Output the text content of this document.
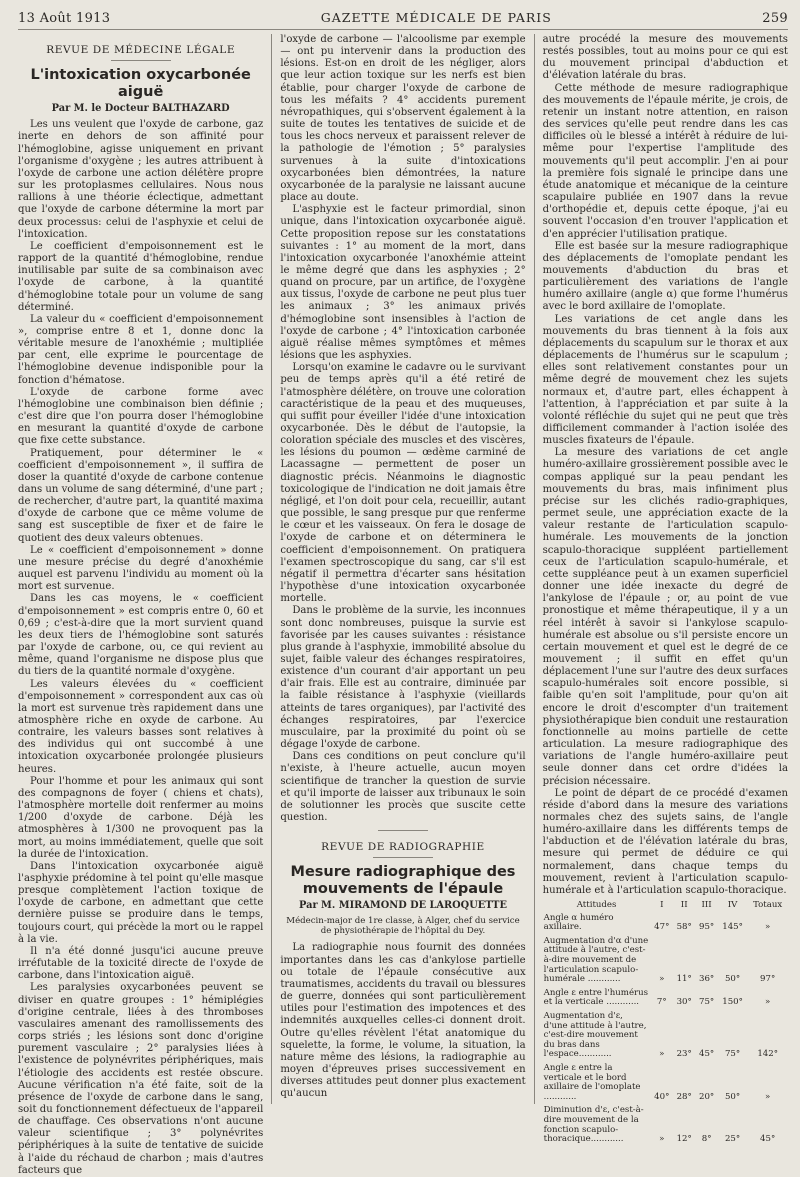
13 Août 1913	GAZETTE MÉDICALE DE PARIS	259
REVUE DE MÉDECINE LÉGALE
L'intoxication oxycarbonée aiguë
Par M. le Docteur BALTHAZARD

Les uns veulent que l'oxyde de carbone, gaz inerte en dehors de son affinité pour l'hémoglobine, agisse uniquement en privant l'organisme d'oxygène ; les autres attribuent à l'oxyde de carbone une action délétère propre sur les protoplasmes cellulaires. Nous nous rallions à une théorie éclectique, admettant que l'oxyde de carbone détermine la mort par deux processus: celui de l'asphyxie et celui de l'intoxication.

Le coefficient d'empoisonnement est le rapport de la quantité d'hémoglobine, rendue inutilisable par suite de sa combinaison avec l'oxyde de carbone, à la quantité d'hémoglobine totale pour un volume de sang déterminé.

La valeur du « coefficient d'empoisonnement », comprise entre 8 et 1, donne donc la véritable mesure de l'anoxhémie ; multipliée par cent, elle exprime le pourcentage de l'hémoglobine devenue indisponible pour la fonction d'hématose.

L'oxyde de carbone forme avec l'hémoglobine une combinaison bien définie ; c'est dire que l'on pourra doser l'hémoglobine en mesurant la quantité d'oxyde de carbone que fixe cette substance.

Pratiquement, pour déterminer le « coefficient d'empoisonnement », il suffira de doser la quantité d'oxyde de carbone contenue dans un volume de sang déterminé, d'une part ; de rechercher, d'autre part, la quantité maxima d'oxyde de carbone que ce même volume de sang est susceptible de fixer et de faire le quotient des deux valeurs obtenues.

Le « coefficient d'empoisonnement » donne une mesure précise du degré d'anoxhémie auquel est parvenu l'individu au moment où la mort est survenue.

Dans les cas moyens, le « coefficient d'empoisonnement » est compris entre 0, 60 et 0,69 ; c'est-à-dire que la mort survient quand les deux tiers de l'hémoglobine sont saturés par l'oxyde de carbone, ou, ce qui revient au même, quand l'organisme ne dispose plus que du tiers de la quantité normale d'oxygène.

Les valeurs élevées du « coefficient d'empoisonnement » correspondent aux cas où la mort est survenue très rapidement dans une atmosphère riche en oxyde de carbone. Au contraire, les valeurs basses sont relatives à des individus qui ont succombé à une intoxication oxycarbonée prolongée plusieurs heures.

Pour l'homme et pour les animaux qui sont des compagnons de foyer ( chiens et chats), l'atmosphère mortelle doit renfermer au moins 1/200 d'oxyde de carbone. Déjà les atmosphères à 1/300 ne provoquent pas la mort, au moins immédiatement, quelle que soit la durée de l'intoxication.

Dans l'intoxication oxycarbonée aiguë l'asphyxie prédomine à tel point qu'elle masque presque complètement l'action toxique de l'oxyde de carbone, en admettant que cette dernière puisse se produire dans le temps, toujours court, qui précède la mort ou le rappel à la vie.

Il n'a été donné jusqu'ici aucune preuve irréfutable de la toxicité directe de l'oxyde de carbone, dans l'intoxication aiguë.

Les paralysies oxycarbonées peuvent se diviser en quatre groupes : 1° hémiplégies d'origine centrale, liées à des thromboses vasculaires amenant des ramollissements des corps striés ; les lésions sont donc d'origine purement vasculaire ; 2° paralysies liées à l'existence de polynévrites périphériques, mais l'étiologie des accidents est restée obscure. Aucune vérification n'a été faite, soit de la présence de l'oxyde de carbone dans le sang, soit du fonctionnement défectueux de l'appareil de chauffage. Ces observations n'ont aucune valeur scientifique ; 3° polynévrites périphériques à la suite de tentative de suicide à l'aide du réchaud de charbon ; mais d'autres facteurs que

l'oxyde de carbone — l'alcoolisme par exemple — ont pu intervenir dans la production des lésions. Est-on en droit de les négliger, alors que leur action toxique sur les nerfs est bien établie, pour charger l'oxyde de carbone de tous les méfaits ? 4° accidents purement névropathiques, qui s'observent également à la suite de toutes les tentatives de suicide et de tous les chocs nerveux et paraissent relever de la pathologie de l'émotion ; 5° paralysies survenues à la suite d'intoxications oxycarbonées bien démontrées, la nature oxycarbonée de la paralysie ne laissant aucune place au doute.

L'asphyxie est le facteur primordial, sinon unique, dans l'intoxication oxycarbonée aiguë. Cette proposition repose sur les constatations suivantes : 1° au moment de la mort, dans l'intoxication oxycarbonée l'anoxhémie atteint le même degré que dans les asphyxies ; 2° quand on procure, par un artifice, de l'oxygène aux tissus, l'oxyde de carbone ne peut plus tuer les animaux ; 3° les animaux privés d'hémoglobine sont insensibles à l'action de l'oxyde de carbone ; 4° l'intoxication carbonée aiguë réalise mêmes symptômes et mêmes lésions que les asphyxies.

Lorsqu'on examine le cadavre ou le survivant peu de temps après qu'il a été retiré de l'atmosphère délétère, on trouve une coloration caractéristique de la peau et des muqueuses, qui suffit pour éveiller l'idée d'une intoxication oxycarbonée. Dès le début de l'autopsie, la coloration spéciale des muscles et des viscères, les lésions du poumon — œdème carminé de Lacassagne — permettent de poser un diagnostic précis. Néanmoins le diagnostic toxicologique de l'indication ne doit jamais être négligé, et l'on doit pour cela, recueillir, autant que possible, le sang presque pur que renferme le cœur et les vaisseaux. On fera le dosage de l'oxyde de carbone et on déterminera le coefficient d'empoisonnement. On pratiquera l'examen spectroscopique du sang, car s'il est négatif il permettra d'écarter sans hésitation l'hypothèse d'une intoxication oxycarbonée mortelle.

Dans le problème de la survie, les inconnues sont donc nombreuses, puisque la survie est favorisée par les causes suivantes : résistance plus grande à l'asphyxie, immobilité absolue du sujet, faible valeur des échanges respiratoires, existence d'un courant d'air apportant un peu d'air frais. Elle est au contraire, diminuée par la faible résistance à l'asphyxie (vieillards atteints de tares organiques), par l'activité des échanges respiratoires, par l'exercice musculaire, par la proximité du point où se dégage l'oxyde de carbone.

Dans ces conditions on peut conclure qu'il n'existe, à l'heure actuelle, aucun moyen scientifique de trancher la question de survie et qu'il importe de laisser aux tribunaux le soin de solutionner les procès que suscite cette question.

REVUE DE RADIOGRAPHIE
Mesure radiographique des mouvements de l'épaule
Par M. MIRAMOND DE LAROQUETTE
Médecin-major de 1re classe, à Alger, chef du service de physiothérapie de l'hôpital du Dey.

La radiographie nous fournit des données importantes dans les cas d'ankylose partielle ou totale de l'épaule consécutive aux traumatismes, accidents du travail ou blessures de guerre, données qui sont particulièrement utiles pour l'estimation des impotences et des indemnités auxquelles celles-ci donnent droit. Outre qu'elles révèlent l'état anatomique du squelette, la forme, le volume, la situation, la nature même des lésions, la radiographie au moyen d'épreuves prises successivement en diverses attitudes peut donner plus exactement qu'aucun

autre procédé la mesure des mouvements restés possibles, tout au moins pour ce qui est du mouvement principal d'abduction et d'élévation latérale du bras.

Cette méthode de mesure radiographique des mouvements de l'épaule mérite, je crois, de retenir un instant notre attention, en raison des services qu'elle peut rendre dans les cas difficiles où le blessé a intérêt à réduire de lui-même pour l'expertise l'amplitude des mouvements qu'il peut accomplir. J'en ai pour la première fois signalé le principe dans une étude anatomique et mécanique de la ceinture scapulaire publiée en 1907 dans la revue d'orthopédie et, depuis cette époque, j'ai eu souvent l'occasion d'en trouver l'application et d'en apprécier l'utilisation pratique.

Elle est basée sur la mesure radiographique des déplacements de l'omoplate pendant les mouvements d'abduction du bras et particulièrement des variations de l'angle huméro axillaire (angle α) que forme l'humérus avec le bord axillaire de l'omoplate.

Les variations de cet angle dans les mouvements du bras tiennent à la fois aux déplacements du scapulum sur le thorax et aux déplacements de l'humérus sur le scapulum ; elles sont relativement constantes pour un même degré de mouvement chez les sujets normaux et, d'autre part, elles échappent à l'attention, à l'appréciation et par suite à la volonté réfléchie du sujet qui ne peut que très difficilement commander à l'action isolée des muscles fixateurs de l'épaule.

La mesure des variations de cet angle huméro-axillaire grossièrement possible avec le compas appliqué sur la peau pendant les mouvements du bras, mais infiniment plus précise sur les clichés radio-graphiques, permet seule, une appréciation exacte de la valeur restante de l'articulation scapulo-humérale. Les mouvements de la jonction scapulo-thoracique suppléent partiellement ceux de l'articulation scapulo-humérale, et cette suppléance peut à un examen superficiel donner une idée inexacte du degré de l'ankylose de l'épaule ; or, au point de vue pronostique et même thérapeutique, il y a un réel intérêt à savoir si l'ankylose scapulo-humérale est absolue ou s'il persiste encore un certain mouvement et quel est le degré de ce mouvement ; il suffit en effet qu'un déplacement l'une sur l'autre des deux surfaces scapulo-humérales soit encore possible, si faible qu'en soit l'amplitude, pour qu'on ait encore le droit d'escompter d'un traitement physiothérapique bien conduit une restauration fonctionnelle au moins partielle de cette articulation. La mesure radiographique des variations de l'angle huméro-axillaire peut seule donner dans cet ordre d'idées la précision nécessaire.

Le point de départ de ce procédé d'examen réside d'abord dans la mesure des variations normales chez des sujets sains, de l'angle huméro-axillaire dans les différents temps de l'abduction et de l'élévation latérale du bras, mesure qui permet de déduire ce qui normalement, dans chaque temps du mouvement, revient à l'articulation scapulo-humérale et à l'articulation scapulo-thoracique.

Attitudes	I	II	III	IV	Totaux
Angle α huméro axillaire.	47°	58°	95°	145°	»
Augmentation d'α d'une attitude à l'autre, c'est-à-dire mouvement de l'articulation scapulo-humérale ............	»	11°	36°	50°	97°
Angle ε entre l'humérus et la verticale ............	7°	30°	75°	150°	»
Augmentation d'ε, d'une attitude à l'autre, c'est-dire mouvement du bras dans l'espace............	»	23°	45°	75°	142°
Angle ε entre la verticale et le bord axillaire de l'omoplate ............	40°	28°	20°	50°	»
Diminution d'ε, c'est-à-dire mouvement de la fonction scapulo-thoracique............	»	12°	8°	25°	45°
